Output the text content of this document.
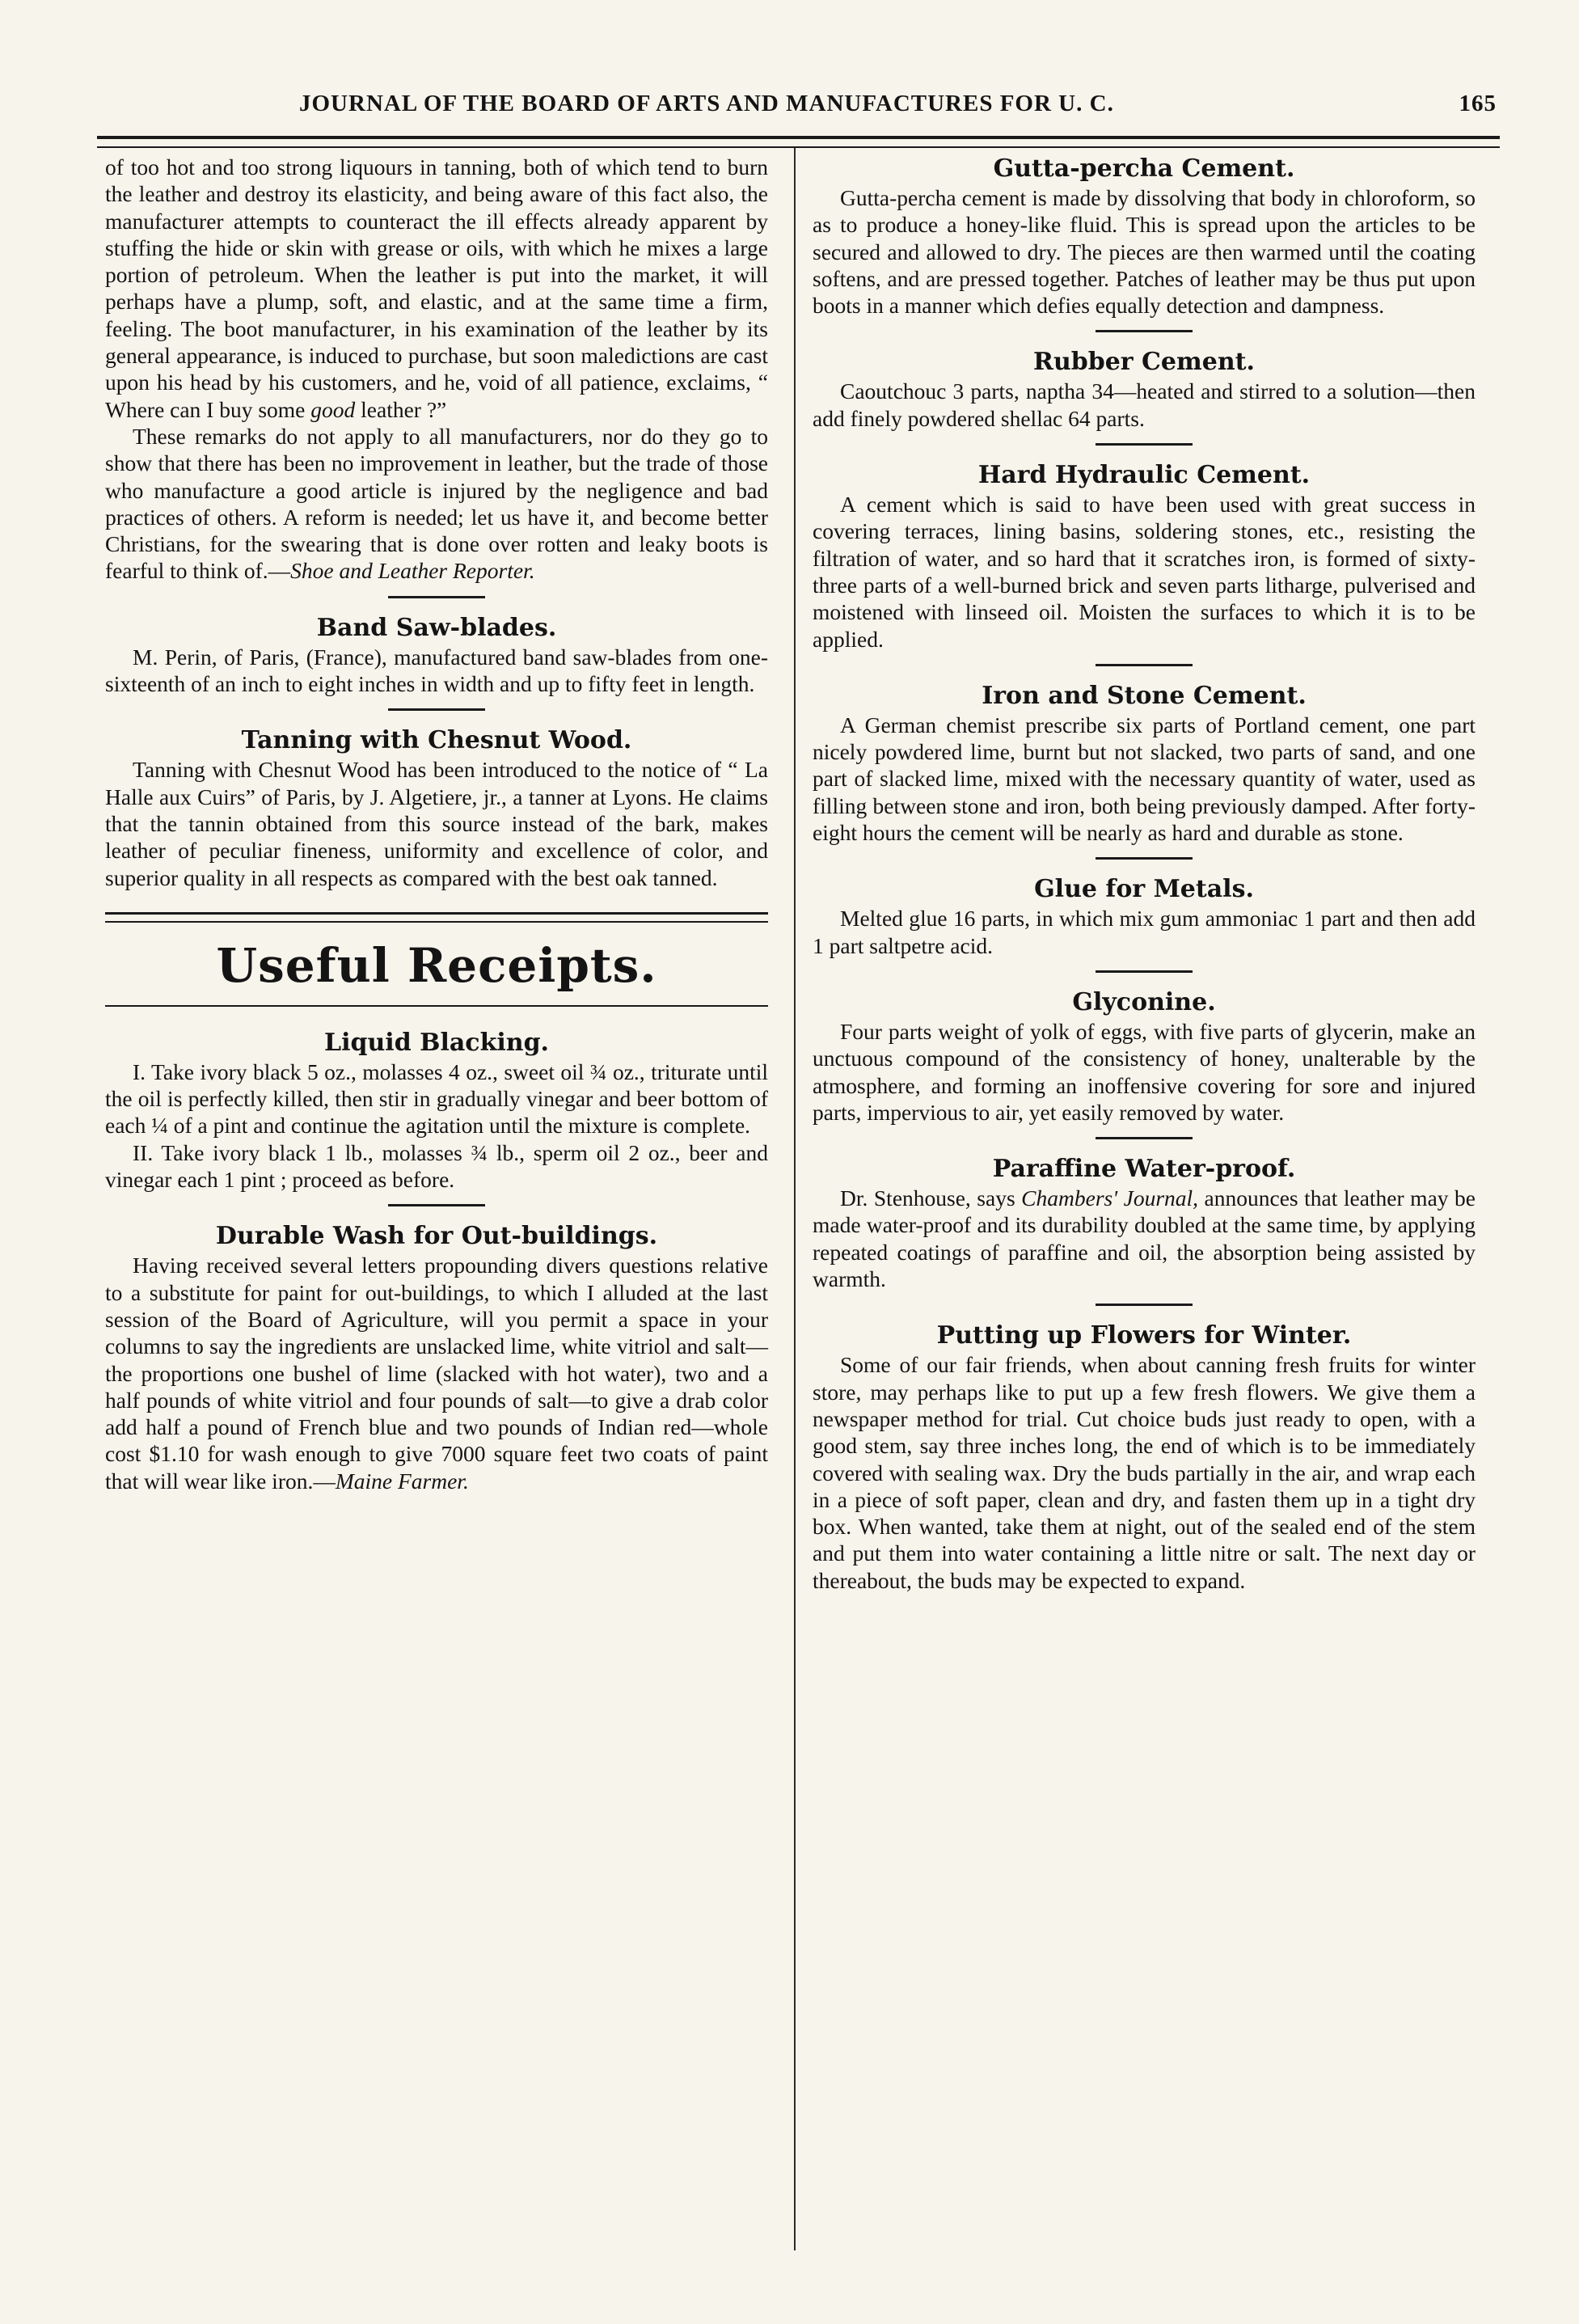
JOURNAL OF THE BOARD OF ARTS AND MANUFACTURES FOR U. C.	165

of too hot and too strong liquours in tanning, both of which tend to burn the leather and destroy its elasticity, and being aware of this fact also, the manufacturer attempts to counteract the ill effects already apparent by stuffing the hide or skin with grease or oils, with which he mixes a large portion of petroleum. When the leather is put into the market, it will perhaps have a plump, soft, and elastic, and at the same time a firm, feeling. The boot manufacturer, in his examination of the leather by its general appearance, is induced to purchase, but soon maledictions are cast upon his head by his customers, and he, void of all patience, exclaims, “ Where can I buy some good leather ?”

These remarks do not apply to all manufacturers, nor do they go to show that there has been no improvement in leather, but the trade of those who manufacture a good article is injured by the negligence and bad practices of others. A reform is needed; let us have it, and become better Christians, for the swearing that is done over rotten and leaky boots is fearful to think of.—Shoe and Leather Reporter.

Band Saw-blades.

M. Perin, of Paris, (France), manufactured band saw-blades from one-sixteenth of an inch to eight inches in width and up to fifty feet in length.

Tanning with Chesnut Wood.

Tanning with Chesnut Wood has been introduced to the notice of “ La Halle aux Cuirs” of Paris, by J. Algetiere, jr., a tanner at Lyons. He claims that the tannin obtained from this source instead of the bark, makes leather of peculiar fineness, uniformity and excellence of color, and superior quality in all respects as compared with the best oak tanned.

Useful Receipts.
Liquid Blacking.

I. Take ivory black 5 oz., molasses 4 oz., sweet oil ¾ oz., triturate until the oil is perfectly killed, then stir in gradually vinegar and beer bottom of each ¼ of a pint and continue the agitation until the mixture is complete.

II. Take ivory black 1 lb., molasses ¾ lb., sperm oil 2 oz., beer and vinegar each 1 pint ; proceed as before.

Durable Wash for Out-buildings.

Having received several letters propounding divers questions relative to a substitute for paint for out-buildings, to which I alluded at the last session of the Board of Agriculture, will you permit a space in your columns to say the ingredients are unslacked lime, white vitriol and salt—the proportions one bushel of lime (slacked with hot water), two and a half pounds of white vitriol and four pounds of salt—to give a drab color add half a pound of French blue and two pounds of Indian red—whole cost $1.10 for wash enough to give 7000 square feet two coats of paint that will wear like iron.—Maine Farmer.

Gutta-percha Cement.

Gutta-percha cement is made by dissolving that body in chloroform, so as to produce a honey-like fluid. This is spread upon the articles to be secured and allowed to dry. The pieces are then warmed until the coating softens, and are pressed together. Patches of leather may be thus put upon boots in a manner which defies equally detection and dampness.

Rubber Cement.

Caoutchouc 3 parts, naptha 34—heated and stirred to a solution—then add finely powdered shellac 64 parts.

Hard Hydraulic Cement.

A cement which is said to have been used with great success in covering terraces, lining basins, soldering stones, etc., resisting the filtration of water, and so hard that it scratches iron, is formed of sixty-three parts of a well-burned brick and seven parts litharge, pulverised and moistened with linseed oil. Moisten the surfaces to which it is to be applied.

Iron and Stone Cement.

A German chemist prescribe six parts of Portland cement, one part nicely powdered lime, burnt but not slacked, two parts of sand, and one part of slacked lime, mixed with the necessary quantity of water, used as filling between stone and iron, both being previously damped. After forty-eight hours the cement will be nearly as hard and durable as stone.

Glue for Metals.

Melted glue 16 parts, in which mix gum ammoniac 1 part and then add 1 part saltpetre acid.

Glyconine.

Four parts weight of yolk of eggs, with five parts of glycerin, make an unctuous compound of the consistency of honey, unalterable by the atmosphere, and forming an inoffensive covering for sore and injured parts, impervious to air, yet easily removed by water.

Paraffine Water-proof.

Dr. Stenhouse, says Chambers' Journal, announces that leather may be made water-proof and its durability doubled at the same time, by applying repeated coatings of paraffine and oil, the absorption being assisted by warmth.

Putting up Flowers for Winter.

Some of our fair friends, when about canning fresh fruits for winter store, may perhaps like to put up a few fresh flowers. We give them a newspaper method for trial. Cut choice buds just ready to open, with a good stem, say three inches long, the end of which is to be immediately covered with sealing wax. Dry the buds partially in the air, and wrap each in a piece of soft paper, clean and dry, and fasten them up in a tight dry box. When wanted, take them at night, out of the sealed end of the stem and put them into water containing a little nitre or salt. The next day or thereabout, the buds may be expected to expand.
